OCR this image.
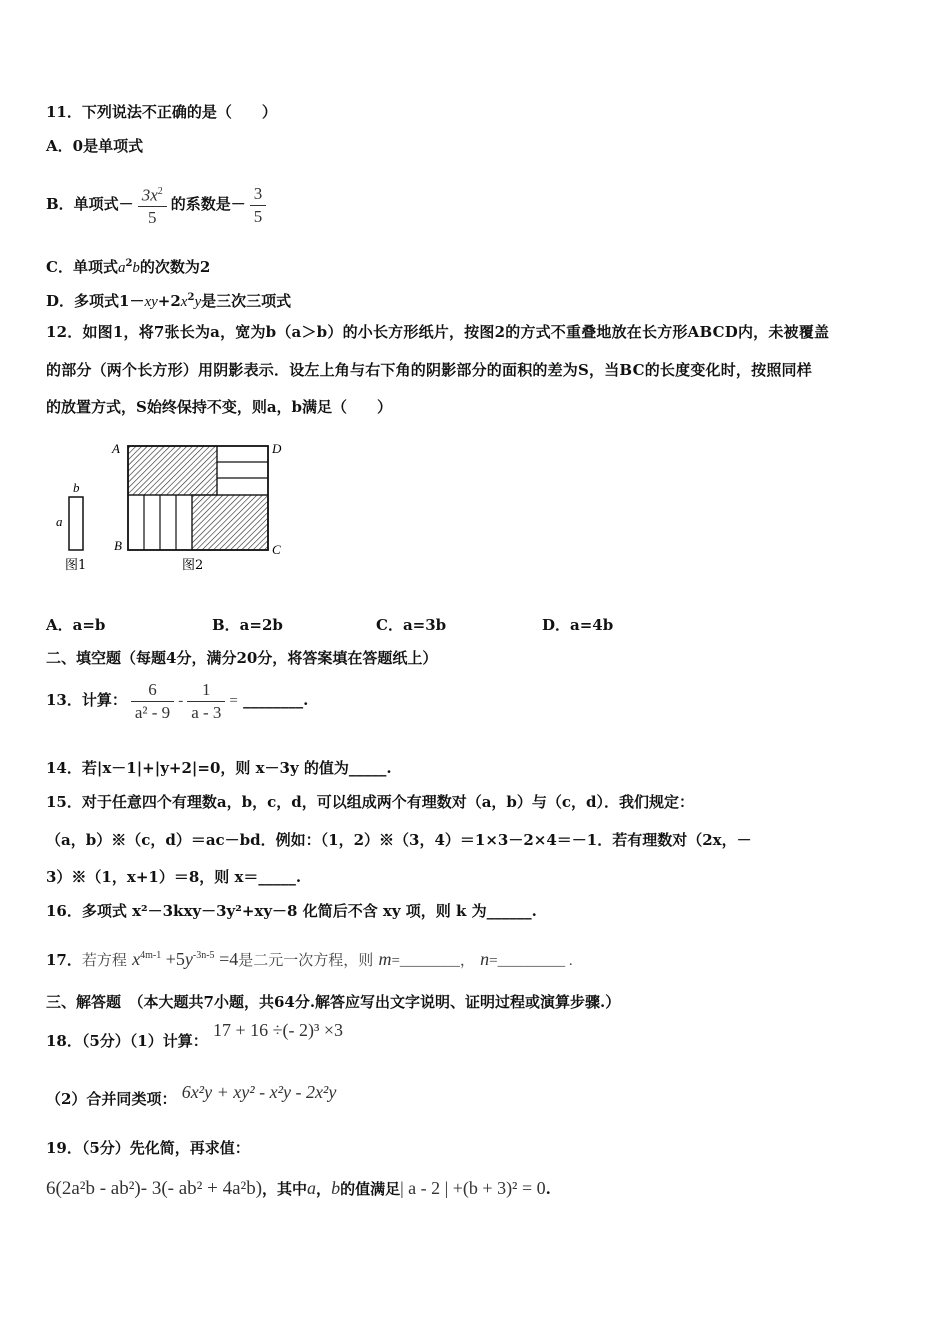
11．下列说法不正确的是（　　）
A．0是单项式
B．单项式－ $\frac{3x^2}{5}$ 的系数是－ $\frac{3}{5}$
C．单项式$a^2b$的次数为2
D．多项式$1-xy+2x^2y$是三次三项式
12．如图1，将7张长为a，宽为b（a＞b）的小长方形纸片，按图2的方式不重叠地放在长方形ABCD内，未被覆盖
的部分（两个长方形）用阴影表示．设左上角与右下角的阴影部分的面积的差为S，当BC的长度变化时，按照同样
的放置方式，S始终保持不变，则a，b满足（　　）
b
a
图1
A	D
B	C
图2
A．a=b	B．a=2b	C．a=3b	D．a=4b
二、填空题（每题4分，满分20分，将答案填在答题纸上）
13．计算： $\frac{6}{\text{a² - 9}} - \frac{1}{a - 3}$ = ________.
14．若|x－1|+|y+2|=0，则 x－3y 的值为_____.
15．对于任意四个有理数a，b，c，d，可以组成两个有理数对（a，b）与（c，d）．我们规定：
（a，b）※（c，d）＝ac－bd．例如：（1，2）※（3，4）＝1×3－2×4＝－1．若有理数对（2x，－
3）※（1，x+1）＝8，则 x＝_____.
16．多项式 x²－3kxy－3y²+xy－8 化简后不含 xy 项，则 k 为______.
17．若方程 $x^{4m-1} +5y^{-3n-5} =4$是二元一次方程，则 m=________， n=_________ .
三、解答题　（本大题共7小题，共64分.解答应写出文字说明、证明过程或演算步骤.）
18．（5分）（1）计算： 17 + 16 ÷(- 2)³ ×3
（2）合并同类项： 6x²y + xy² - x²y - 2x²y
19．（5分）先化简，再求值：
6(2a²b - ab²)- 3(- ab² + 4a²b)，其中a，b的值满足| a - 2 | +(b + 3)² = 0.
